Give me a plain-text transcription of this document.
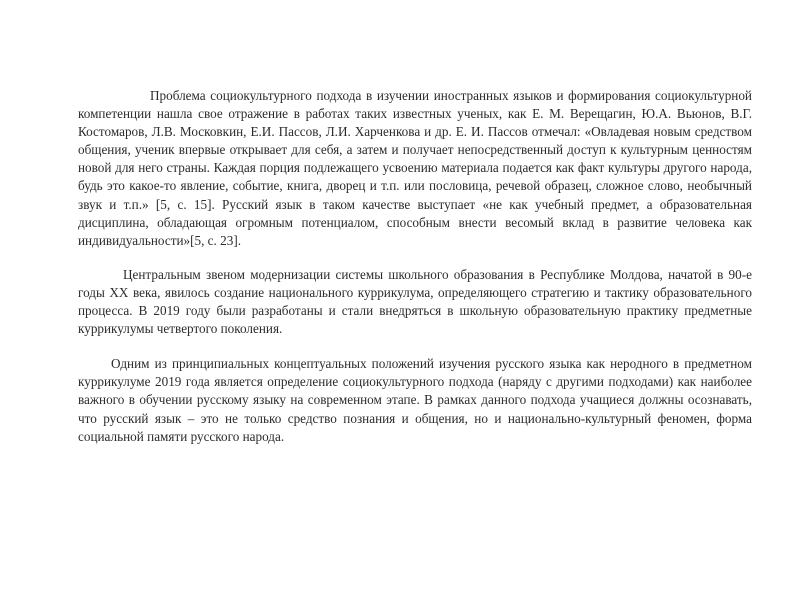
Проблема социокультурного подхода в изучении иностранных языков и формирования социокультурной компетенции нашла свое отражение в работах таких известных ученых, как Е. М. Верещагин, Ю.А. Вьюнов, В.Г. Костомаров, Л.В. Московкин, Е.И. Пассов, Л.И. Харченкова и др. Е. И. Пассов отмечал: «Овладевая новым средством общения, ученик впервые открывает для себя, а затем и получает непосредственный доступ к культурным ценностям новой для него страны. Каждая порция подлежащего усвоению материала подается как факт культуры другого народа, будь это какое-то явление, событие, книга, дворец и т.п. или пословица, речевой образец, сложное слово, необычный звук и т.п.» [5, с. 15]. Русский язык в таком качестве выступает «не как учебный предмет, а образовательная дисциплина, обладающая огромным потенциалом, способным внести весомый вклад в развитие человека как индивидуальности»[5, с. 23].

Центральным звеном модернизации системы школьного образования в Республике Молдова, начатой в 90-е годы XX века, явилось создание национального куррикулума, определяющего стратегию и тактику образовательного процесса. В 2019 году были разработаны и стали внедряться в школьную образовательную практику предметные куррикулумы четвертого поколения.

Одним из принципиальных концептуальных положений изучения русского языка как неродного в предметном куррикулуме 2019 года является определение социокультурного подхода (наряду с другими подходами) как наиболее важного в обучении русскому языку на современном этапе. В рамках данного подхода учащиеся должны осознавать, что русский язык – это не только средство познания и общения, но и национально-культурный феномен, форма социальной памяти русского народа.
